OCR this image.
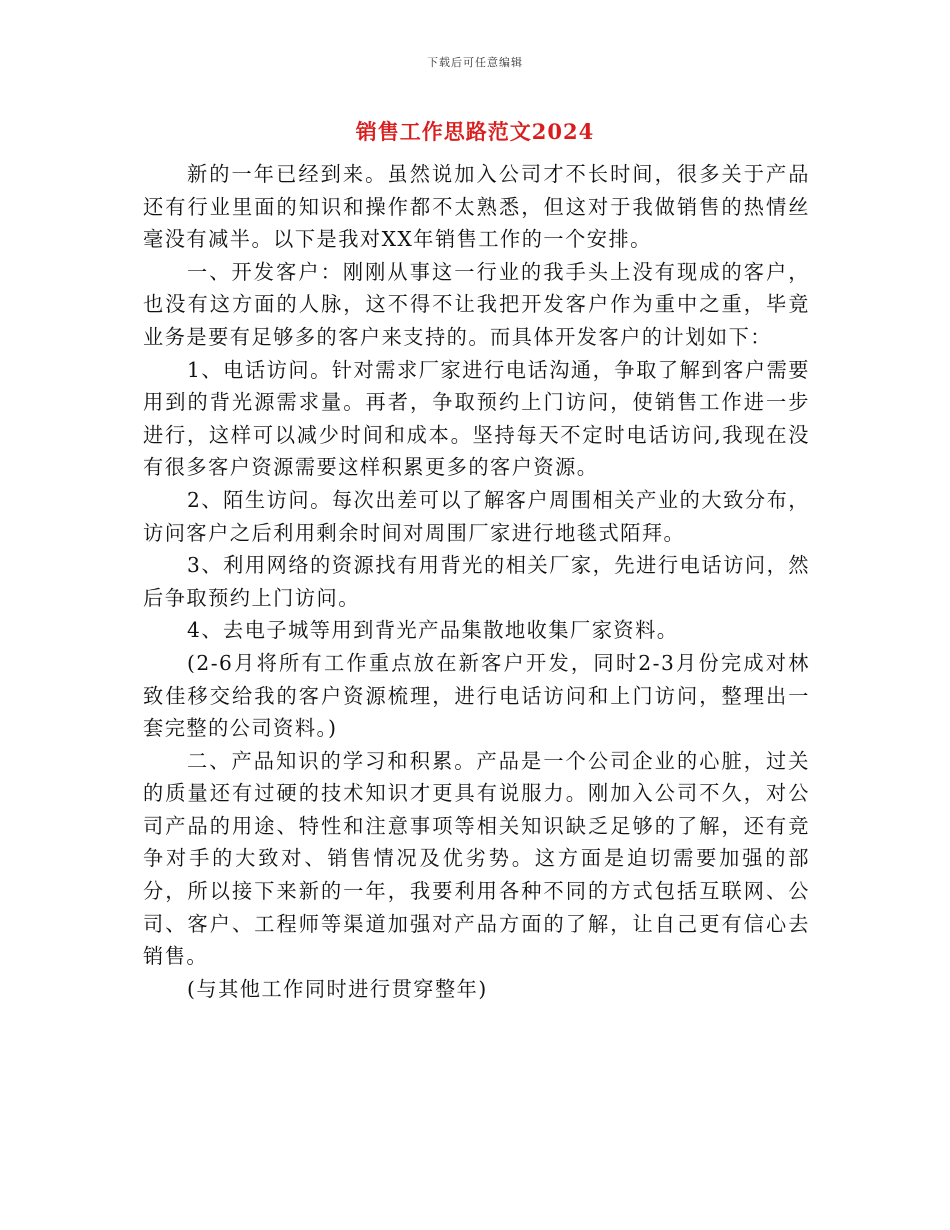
下载后可任意编辑
销售工作思路范文2024

新的一年已经到来。虽然说加入公司才不长时间，很多关于产品还有行业里面的知识和操作都不太熟悉，但这对于我做销售的热情丝毫没有减半。以下是我对XX年销售工作的一个安排。

一、开发客户：刚刚从事这一行业的我手头上没有现成的客户，也没有这方面的人脉，这不得不让我把开发客户作为重中之重，毕竟业务是要有足够多的客户来支持的。而具体开发客户的计划如下：

1、电话访问。针对需求厂家进行电话沟通，争取了解到客户需要用到的背光源需求量。再者，争取预约上门访问，使销售工作进一步进行，这样可以减少时间和成本。坚持每天不定时电话访问,我现在没有很多客户资源需要这样积累更多的客户资源。

2、陌生访问。每次出差可以了解客户周围相关产业的大致分布，访问客户之后利用剩余时间对周围厂家进行地毯式陌拜。

3、利用网络的资源找有用背光的相关厂家，先进行电话访问，然后争取预约上门访问。

4、去电子城等用到背光产品集散地收集厂家资料。

(2-6月将所有工作重点放在新客户开发，同时2-3月份完成对林致佳移交给我的客户资源梳理，进行电话访问和上门访问，整理出一套完整的公司资料。)

二、产品知识的学习和积累。产品是一个公司企业的心脏，过关的质量还有过硬的技术知识才更具有说服力。刚加入公司不久，对公司产品的用途、特性和注意事项等相关知识缺乏足够的了解，还有竞争对手的大致对、销售情况及优劣势。这方面是迫切需要加强的部分，所以接下来新的一年，我要利用各种不同的方式包括互联网、公司、客户、工程师等渠道加强对产品方面的了解，让自己更有信心去销售。

(与其他工作同时进行贯穿整年)
